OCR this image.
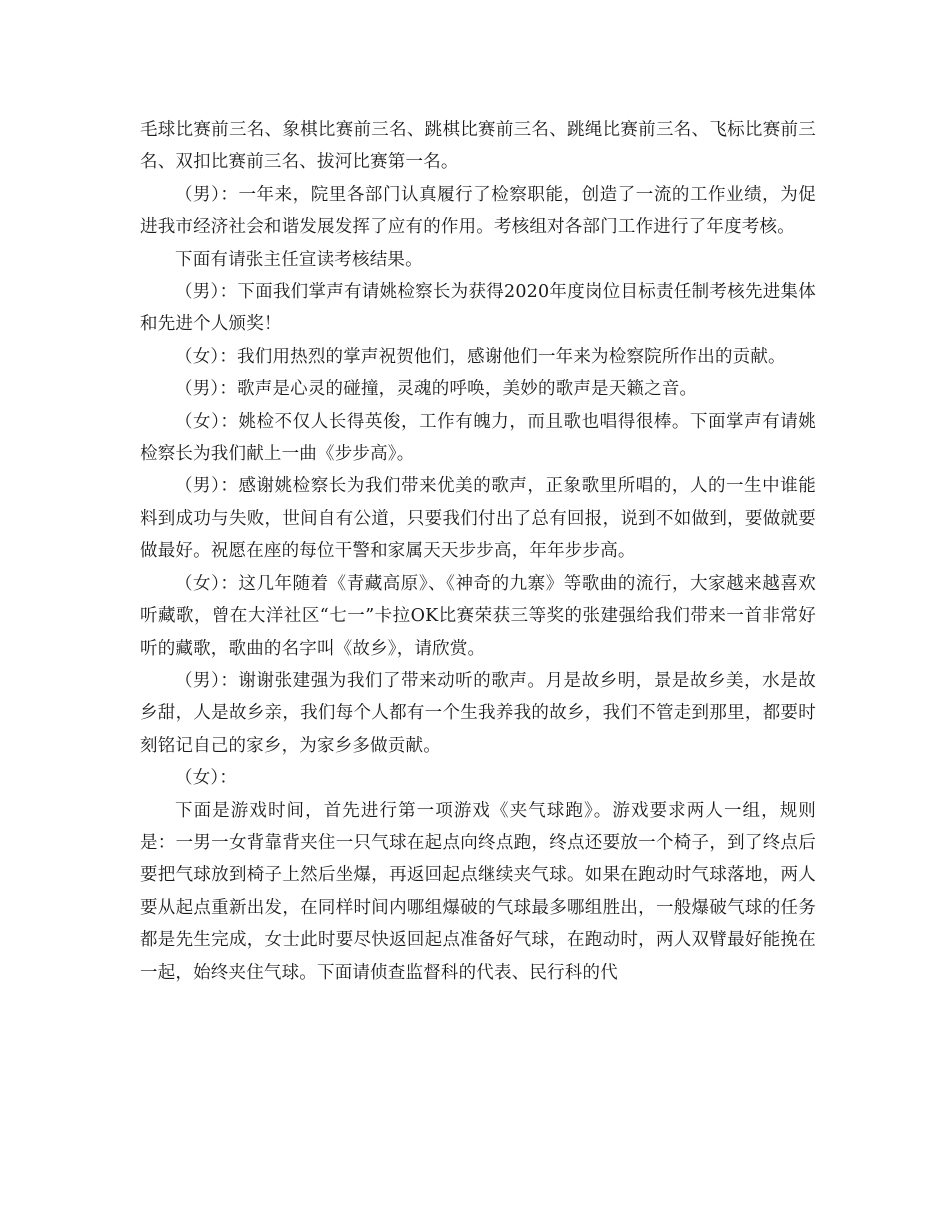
毛球比赛前三名、象棋比赛前三名、跳棋比赛前三名、跳绳比赛前三名、飞标比赛前三名、双扣比赛前三名、拔河比赛第一名。

（男）：一年来，院里各部门认真履行了检察职能，创造了一流的工作业绩，为促进我市经济社会和谐发展发挥了应有的作用。考核组对各部门工作进行了年度考核。

下面有请张主任宣读考核结果。

（男）：下面我们掌声有请姚检察长为获得2020年度岗位目标责任制考核先进集体和先进个人颁奖！

（女）：我们用热烈的掌声祝贺他们，感谢他们一年来为检察院所作出的贡献。

（男）：歌声是心灵的碰撞，灵魂的呼唤，美妙的歌声是天籁之音。

（女）：姚检不仅人长得英俊，工作有魄力，而且歌也唱得很棒。下面掌声有请姚检察长为我们献上一曲《步步高》。

（男）：感谢姚检察长为我们带来优美的歌声，正象歌里所唱的，人的一生中谁能料到成功与失败，世间自有公道，只要我们付出了总有回报，说到不如做到，要做就要做最好。祝愿在座的每位干警和家属天天步步高，年年步步高。

（女）：这几年随着《青藏高原》、《神奇的九寨》等歌曲的流行，大家越来越喜欢听藏歌，曾在大洋社区“七一”卡拉OK比赛荣获三等奖的张建强给我们带来一首非常好听的藏歌，歌曲的名字叫《故乡》，请欣赏。

（男）：谢谢张建强为我们了带来动听的歌声。月是故乡明，景是故乡美，水是故乡甜，人是故乡亲，我们每个人都有一个生我养我的故乡，我们不管走到那里，都要时刻铭记自己的家乡，为家乡多做贡献。

（女）：

下面是游戏时间，首先进行第一项游戏《夹气球跑》。游戏要求两人一组，规则是：一男一女背靠背夹住一只气球在起点向终点跑，终点还要放一个椅子，到了终点后要把气球放到椅子上然后坐爆，再返回起点继续夹气球。如果在跑动时气球落地，两人要从起点重新出发，在同样时间内哪组爆破的气球最多哪组胜出，一般爆破气球的任务都是先生完成，女士此时要尽快返回起点准备好气球，在跑动时，两人双臂最好能挽在一起，始终夹住气球。下面请侦查监督科的代表、民行科的代
